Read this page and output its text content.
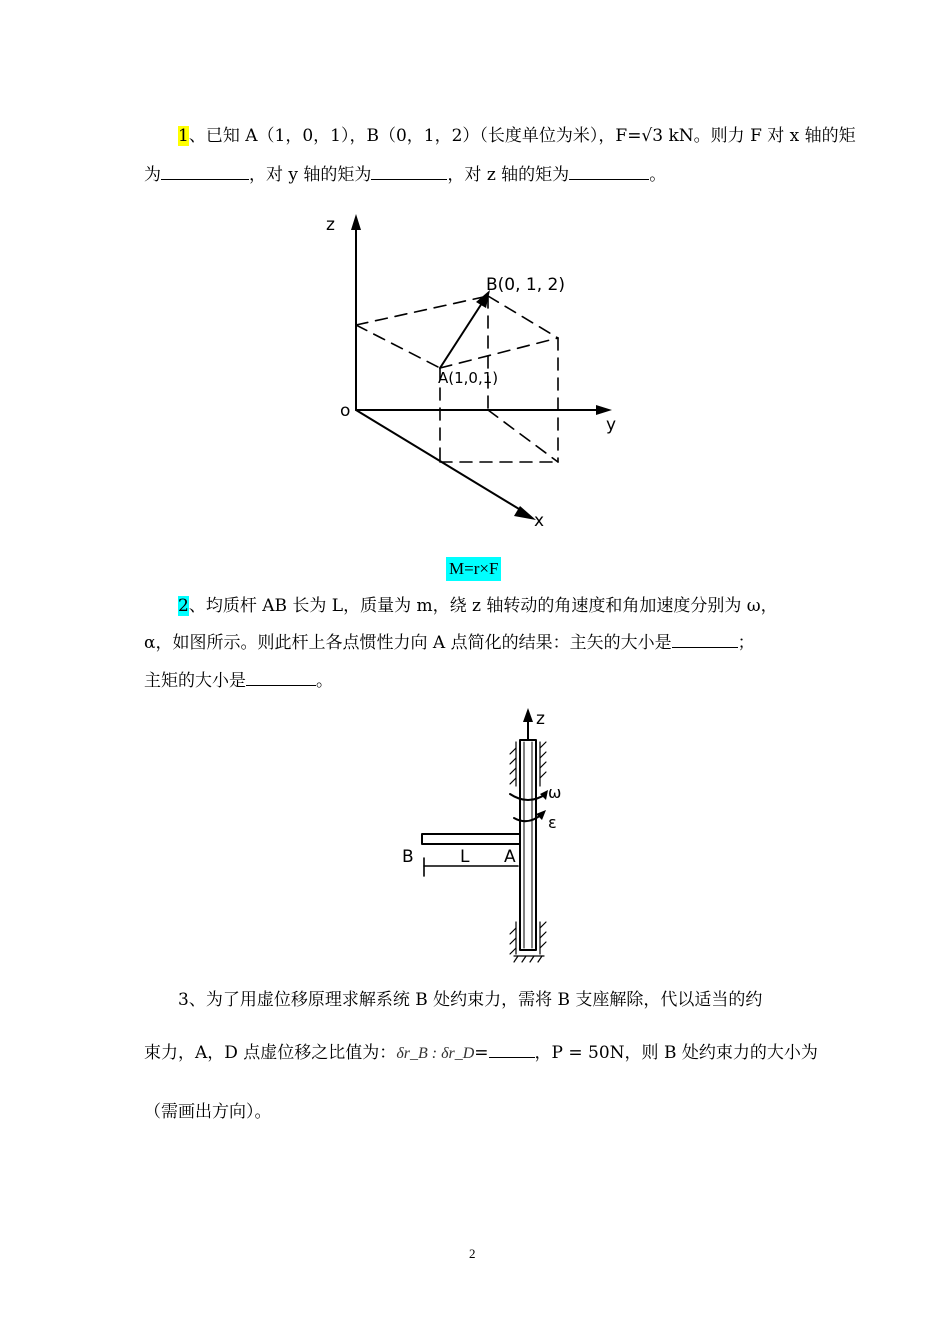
1、已知 A（1，0，1），B（0，1，2）（长度单位为米），F=√3 kN。则力 F 对 x 轴的矩
为	，对 y 轴的矩为	，对 z 轴的矩为	。
z
y
x
o
B(0, 1, 2)
A(1,0,1)
M=r×F
2、均质杆 AB 长为 L，质量为 m，绕 z 轴转动的角速度和角加速度分别为 ω，
α，如图所示。则此杆上各点惯性力向 A 点简化的结果：主矢的大小是	；
主矩的大小是	。
z
ω
ε
B	L A
3、为了用虚位移原理求解系统 B 处约束力，需将 B 支座解除，代以适当的约
束力，A，D 点虚位移之比值为：δr_B : δr_D=	，P = 50N，则 B 处约束力的大小为
（需画出方向）。
2
